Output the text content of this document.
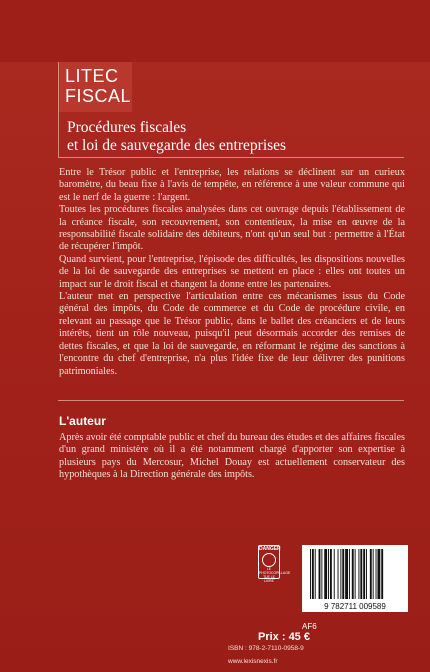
LITEC
FISCAL
Procédures fiscales
et loi de sauvegarde des entreprises

Entre le Trésor public et l'entreprise, les relations se déclinent sur un curieux baromètre, du beau fixe à l'avis de tempête, en référence à une valeur commune qui est le nerf de la guerre : l'argent.

Toutes les procédures fiscales analysées dans cet ouvrage depuis l'établissement de la créance fiscale, son recouvrement, son contentieux, la mise en œuvre de la responsabilité fiscale solidaire des débiteurs, n'ont qu'un seul but : permettre à l'État de récupérer l'impôt.

Quand survient, pour l'entreprise, l'épisode des difficultés, les dispositions nouvelles de la loi de sauvegarde des entreprises se mettent en place : elles ont toutes un impact sur le droit fiscal et changent la donne entre les partenaires.

L'auteur met en perspective l'articulation entre ces mécanismes issus du Code général des impôts, du Code de commerce et du Code de procédure civile, en relevant au passage que le Trésor public, dans le ballet des créanciers et de leurs intérêts, tient un rôle nouveau, puisqu'il peut désormais accorder des remises de dettes fiscales, et que la loi de sauvegarde, en réformant le régime des sanctions à l'encontre du chef d'entreprise, n'a plus l'idée fixe de leur délivrer des punitions patrimoniales.

L'auteur

Après avoir été comptable public et chef du bureau des études et des affaires fiscales d'un grand ministère où il a été notamment chargé d'apporter son expertise à plusieurs pays du Mercosur, Michel Douay est actuellement conservateur des hypothèques à la Direction générale des impôts.

DANGER
LE PHOTOCOPILLAGE TUE LE LIVRE
9 782711 009589
AF6
Prix : 45 €
ISBN : 978-2-7110-0958-9
www.lexisnexis.fr
